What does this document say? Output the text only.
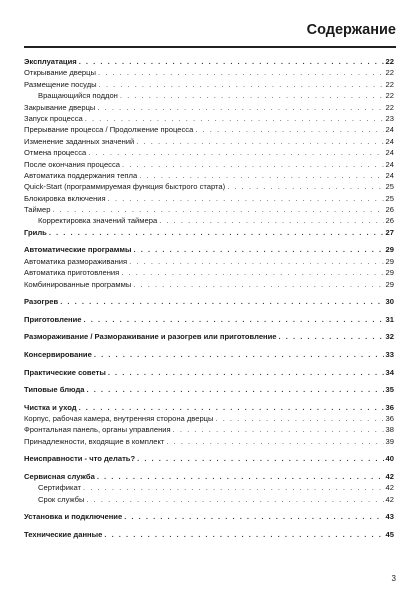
Содержание
Эксплуатация . . .	22
Открывание дверцы . . .	22
Размещение посуды . . .	22
Вращающийся поддон . . .	22
Закрывание дверцы . . .	22
Запуск процесса . . .	23
Прерывание процесса / Продолжение процесса . . .	24
Изменение заданных значений . . .	24
Отмена процесса . . .	24
После окончания процесса . . .	24
Автоматика поддержания тепла . . .	24
Quick-Start (программируемая функция быстрого старта) . . .	25
Блокировка включения . . .	25
Таймер . . .	26
Корректировка значений таймера . . .	26
Гриль . . .	27
Автоматические программы . . .	29
Автоматика размораживания . . .	29
Автоматика приготовления . . .	29
Комбинированные программы . . .	29
Разогрев . . .	30
Приготовление . . .	31
Размораживание / Размораживание и разогрев или приготовление . . .	32
Консервирование . . .	33
Практические советы . . .	34
Типовые блюда . . .	35
Чистка и уход . . .	36
Корпус, рабочая камера, внутренняя сторона дверцы . . .	36
Фронтальная панель, органы управления . . .	38
Принадлежности, входящие в комплект . . .	39
Неисправности - что делать? . . .	40
Сервисная служба . . .	42
Сертификат . . .	42
Срок службы . . .	42
Установка и подключение . . .	43
Технические данные . . .	45
3
